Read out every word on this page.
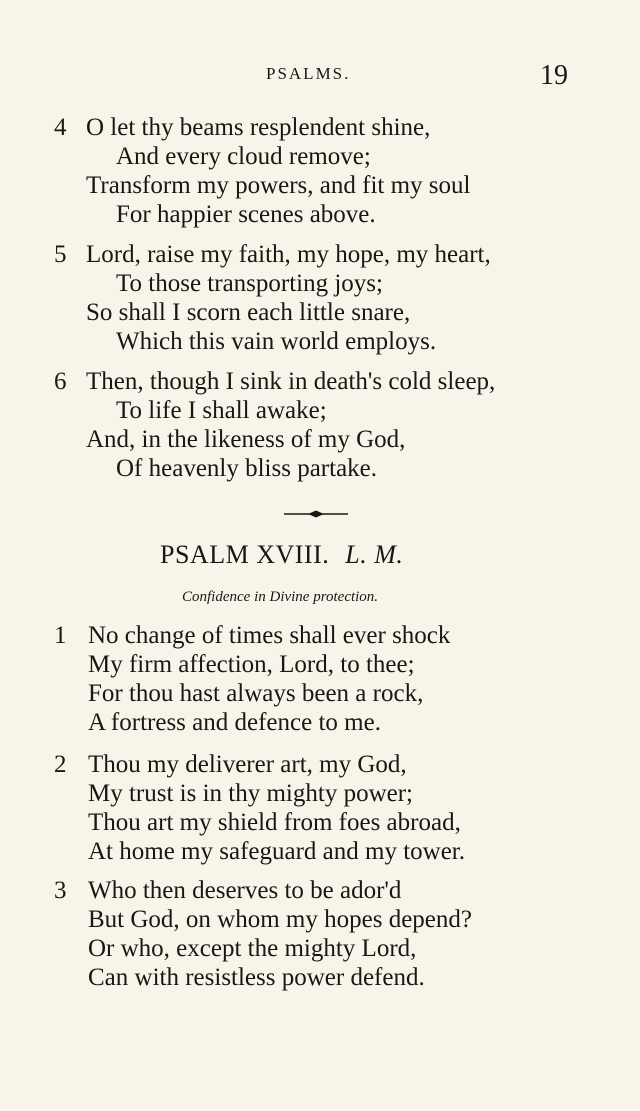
PSALMS.	19
4 O let thy beams resplendent shine,
And every cloud remove;
Transform my powers, and fit my soul
For happier scenes above.
5 Lord, raise my faith, my hope, my heart,
To those transporting joys;
So shall I scorn each little snare,
Which this vain world employs.
6 Then, though I sink in death's cold sleep,
To life I shall awake;
And, in the likeness of my God,
Of heavenly bliss partake.
PSALM XVIII. L. M.
Confidence in Divine protection.
1 No change of times shall ever shock
My firm affection, Lord, to thee;
For thou hast always been a rock,
A fortress and defence to me.
2 Thou my deliverer art, my God,
My trust is in thy mighty power;
Thou art my shield from foes abroad,
At home my safeguard and my tower.
3 Who then deserves to be ador'd
But God, on whom my hopes depend?
Or who, except the mighty Lord,
Can with resistless power defend.
